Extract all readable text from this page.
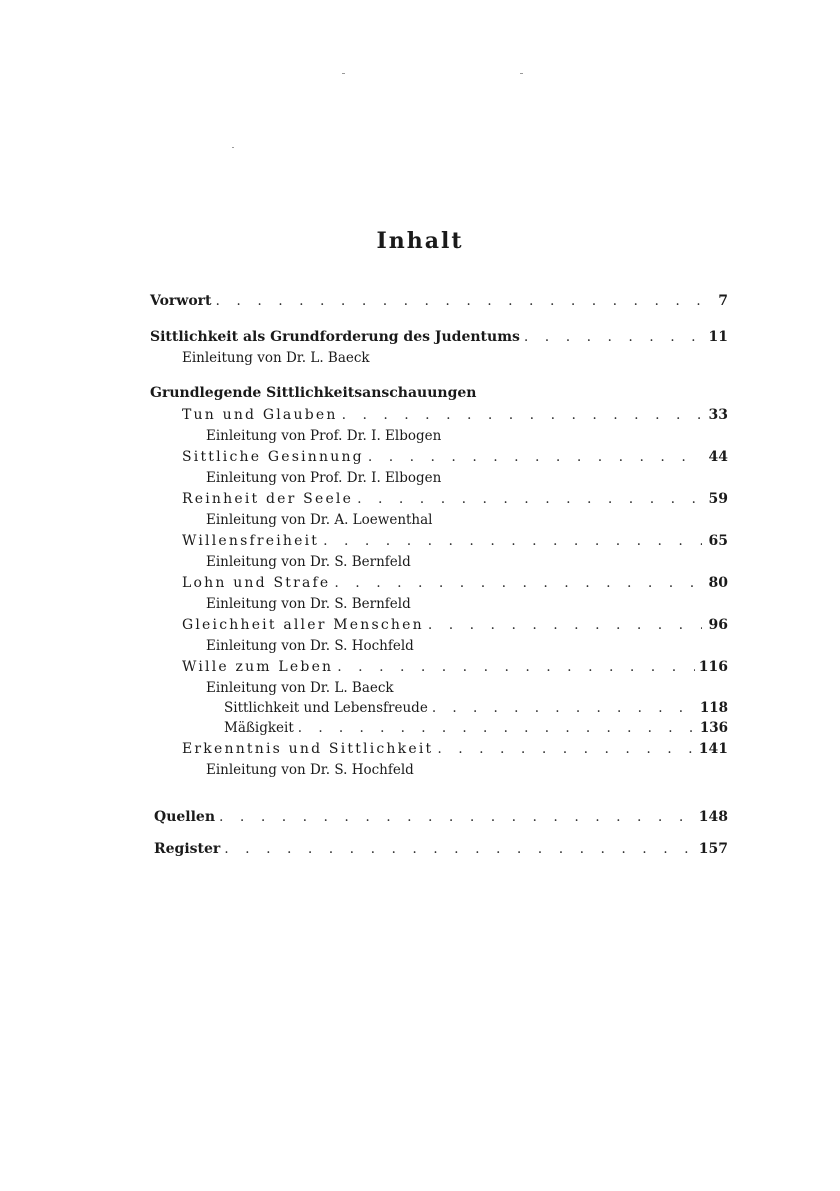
Inhalt
Vorwort . . .	7
Sittlichkeit als Grundforderung des Judentums . . .	11
Einleitung von Dr. L. Baeck
Grundlegende Sittlichkeitsanschauungen
Tun und Glauben . . .	33
Einleitung von Prof. Dr. I. Elbogen
Sittliche Gesinnung . . .	44
Einleitung von Prof. Dr. I. Elbogen
Reinheit der Seele . . .	59
Einleitung von Dr. A. Loewenthal
Willensfreiheit . . .	65
Einleitung von Dr. S. Bernfeld
Lohn und Strafe . . .	80
Einleitung von Dr. S. Bernfeld
Gleichheit aller Menschen . . .	96
Einleitung von Dr. S. Hochfeld
Wille zum Leben . . .	116
Einleitung von Dr. L. Baeck
Sittlichkeit und Lebensfreude . . .	118
Mäßigkeit . . .	136
Erkenntnis und Sittlichkeit . . .	141
Einleitung von Dr. S. Hochfeld
Quellen . . .	148
Register . . .	157
